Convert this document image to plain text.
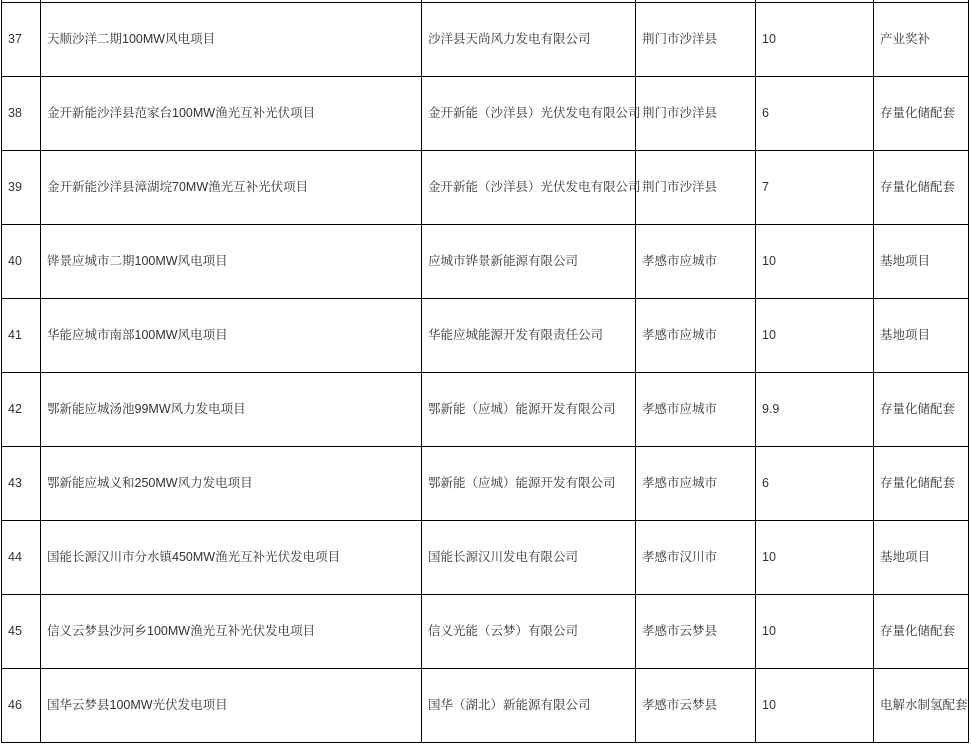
37	天顺沙洋二期100MW风电项目	沙洋县天尚风力发电有限公司	荆门市沙洋县	10	产业奖补
38	金开新能沙洋县范家台100MW渔光互补光伏项目	金开新能（沙洋县）光伏发电有限公司	荆门市沙洋县	6	存量化储配套
39	金开新能沙洋县漳湖垸70MW渔光互补光伏项目	金开新能（沙洋县）光伏发电有限公司	荆门市沙洋县	7	存量化储配套
40	铧景应城市二期100MW风电项目	应城市铧景新能源有限公司	孝感市应城市	10	基地项目
41	华能应城市南部100MW风电项目	华能应城能源开发有限责任公司	孝感市应城市	10	基地项目
42	鄂新能应城汤池99MW风力发电项目	鄂新能（应城）能源开发有限公司	孝感市应城市	9.9	存量化储配套
43	鄂新能应城义和250MW风力发电项目	鄂新能（应城）能源开发有限公司	孝感市应城市	6	存量化储配套
44	国能长源汉川市分水镇450MW渔光互补光伏发电项目	国能长源汉川发电有限公司	孝感市汉川市	10	基地项目
45	信义云梦县沙河乡100MW渔光互补光伏发电项目	信义光能（云梦）有限公司	孝感市云梦县	10	存量化储配套
46	国华云梦县100MW光伏发电项目	国华（湖北）新能源有限公司	孝感市云梦县	10	电解水制氢配套
